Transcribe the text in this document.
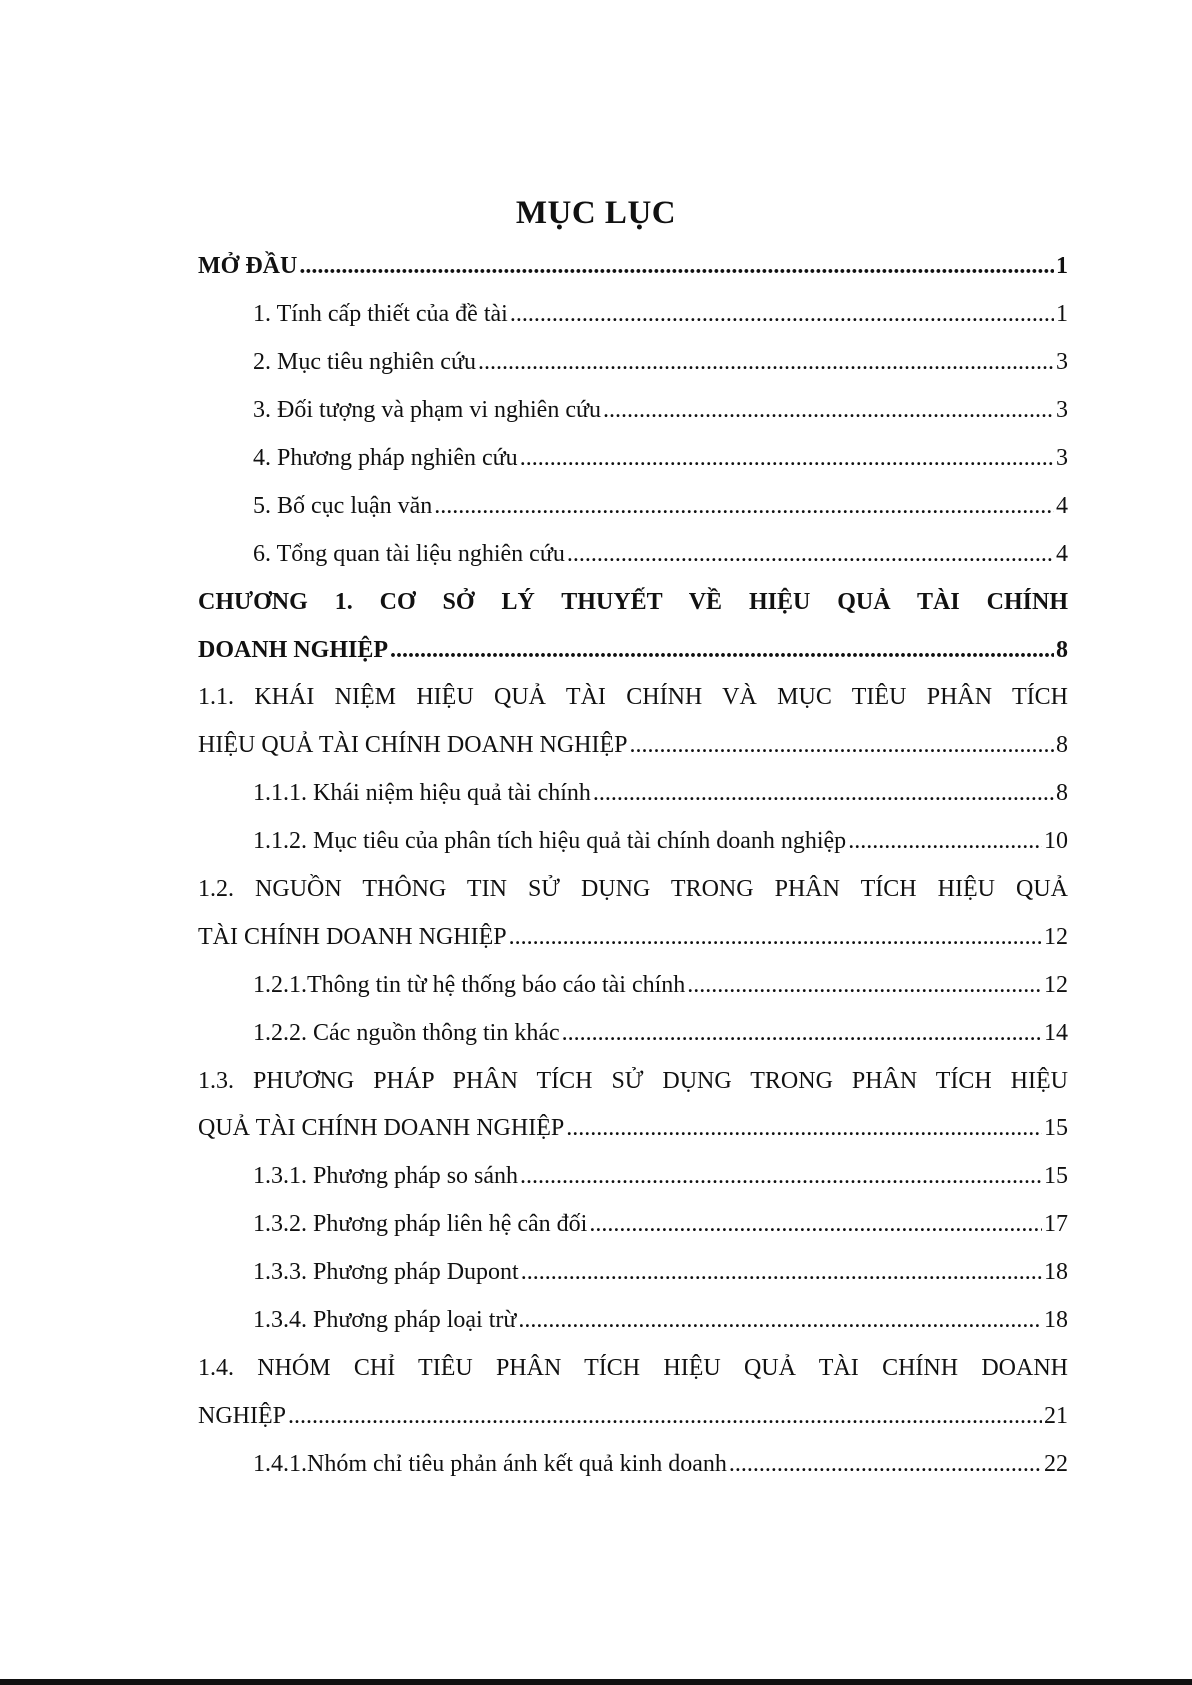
MỤC LỤC
MỞ ĐẦU .....	1
1. Tính cấp thiết của đề tài .....	1
2. Mục tiêu nghiên cứu .....	3
3. Đối tượng và phạm vi nghiên cứu .....	3
4. Phương pháp nghiên cứu .....	3
5. Bố cục luận văn .....	4
6. Tổng quan tài liệu nghiên cứu .....	4
CHƯƠNG 1. CƠ SỞ LÝ THUYẾT VỀ HIỆU QUẢ TÀI CHÍNH
DOANH NGHIỆP .....	8
1.1. KHÁI NIỆM HIỆU QUẢ TÀI CHÍNH VÀ MỤC TIÊU PHÂN TÍCH
HIỆU QUẢ TÀI CHÍNH DOANH NGHIỆP .....	8
1.1.1. Khái niệm hiệu quả tài chính .....	8
1.1.2. Mục tiêu của phân tích hiệu quả tài chính doanh nghiệp .....	10
1.2. NGUỒN THÔNG TIN SỬ DỤNG TRONG PHÂN TÍCH HIỆU QUẢ
TÀI CHÍNH DOANH NGHIỆP .....	12
1.2.1.Thông tin từ hệ thống báo cáo tài chính .....	12
1.2.2. Các nguồn thông tin khác .....	14
1.3. PHƯƠNG PHÁP PHÂN TÍCH SỬ DỤNG TRONG PHÂN TÍCH HIỆU
QUẢ TÀI CHÍNH DOANH NGHIỆP .....	15
1.3.1. Phương pháp so sánh .....	15
1.3.2. Phương pháp liên hệ cân đối .....	17
1.3.3. Phương pháp Dupont .....	18
1.3.4. Phương pháp loại trừ .....	18
1.4. NHÓM CHỈ TIÊU PHÂN TÍCH HIỆU QUẢ TÀI CHÍNH DOANH
NGHIỆP .....	21
1.4.1.Nhóm chỉ tiêu phản ánh kết quả kinh doanh .....	22
